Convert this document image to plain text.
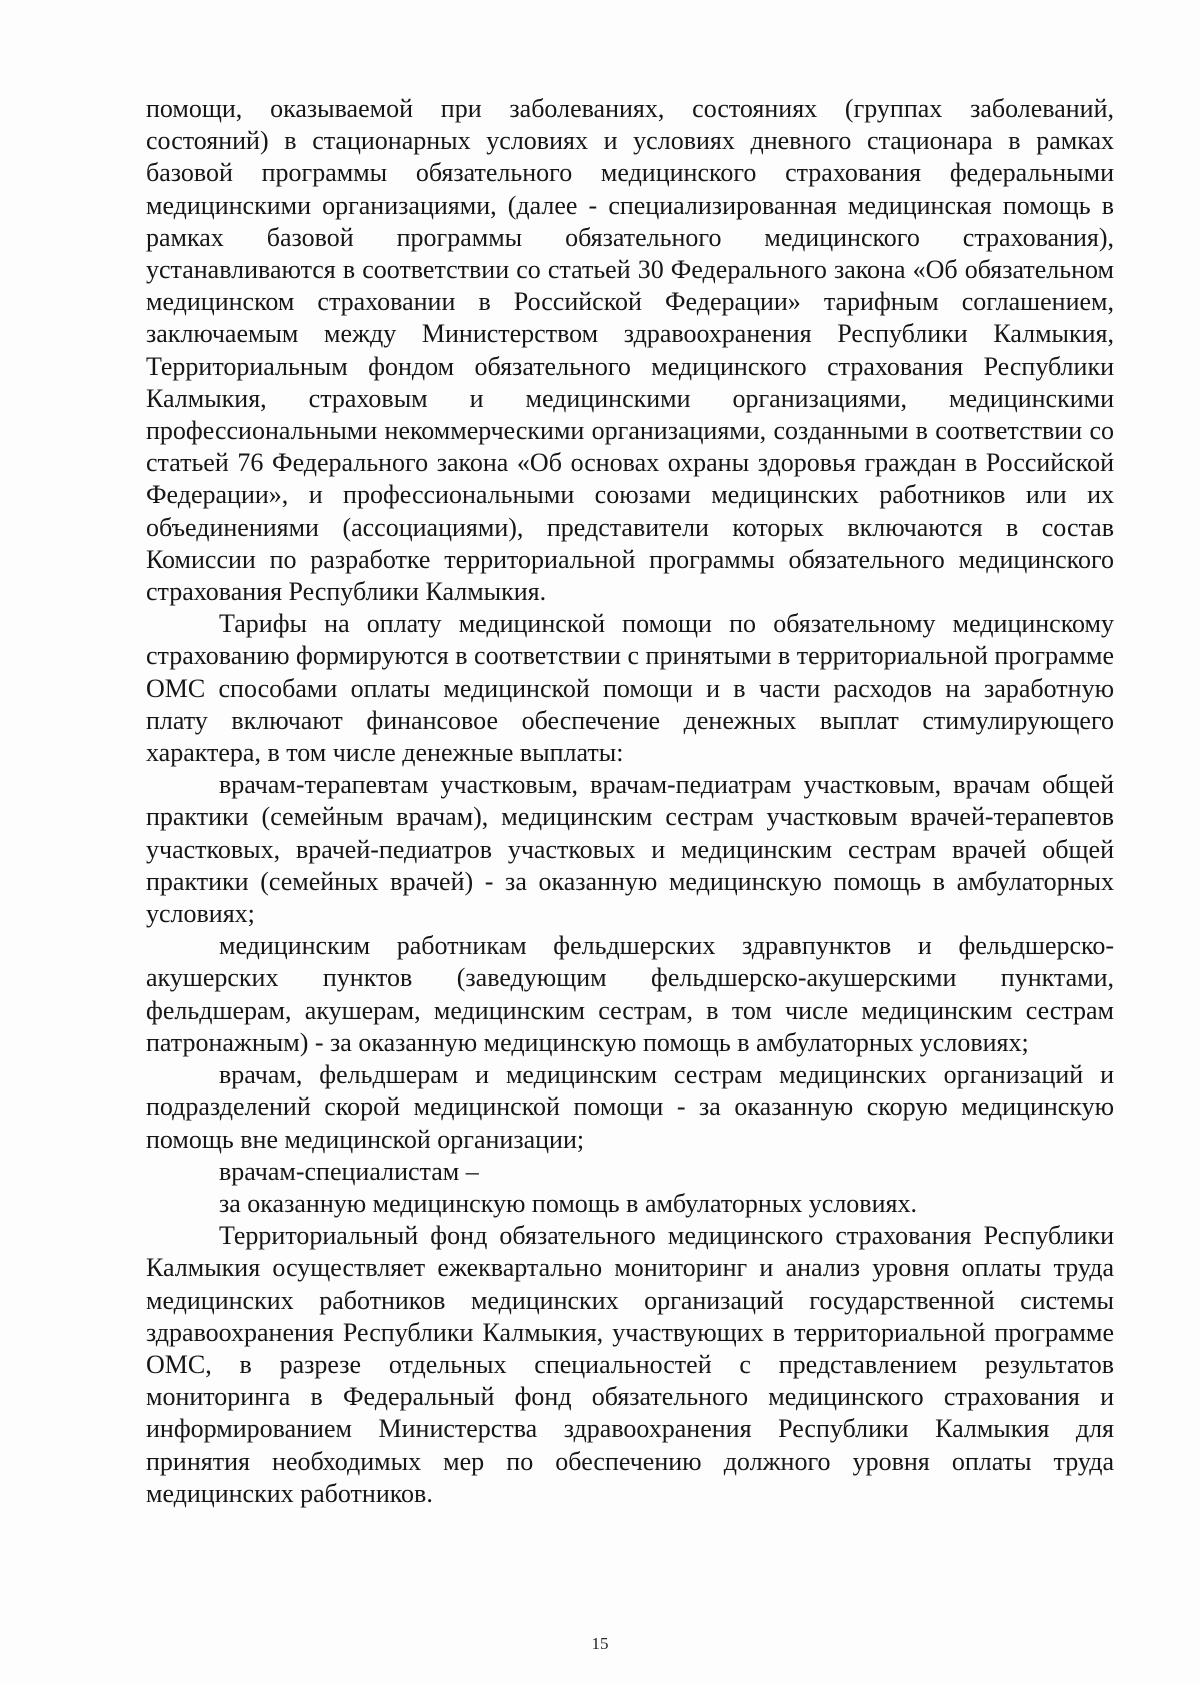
помощи, оказываемой при заболеваниях, состояниях (группах заболеваний, состояний) в стационарных условиях и условиях дневного стационара в рамках базовой программы обязательного медицинского страхования федеральными медицинскими организациями, (далее - специализированная медицинская помощь в рамках базовой программы обязательного медицинского страхования), устанавливаются в соответствии со статьей 30 Федерального закона «Об обязательном медицинском страховании в Российской Федерации» тарифным соглашением, заключаемым между Министерством здравоохранения Республики Калмыкия, Территориальным фондом обязательного медицинского страхования Республики Калмыкия, страховым и медицинскими организациями, медицинскими профессиональными некоммерческими организациями, созданными в соответствии со статьей 76 Федерального закона «Об основах охраны здоровья граждан в Российской Федерации», и профессиональными союзами медицинских работников или их объединениями (ассоциациями), представители которых включаются в состав Комиссии по разработке территориальной программы обязательного медицинского страхования Республики Калмыкия.

Тарифы на оплату медицинской помощи по обязательному медицинскому страхованию формируются в соответствии с принятыми в территориальной программе ОМС способами оплаты медицинской помощи и в части расходов на заработную плату включают финансовое обеспечение денежных выплат стимулирующего характера, в том числе денежные выплаты:

врачам-терапевтам участковым, врачам-педиатрам участковым, врачам общей практики (семейным врачам), медицинским сестрам участковым врачей-терапевтов участковых, врачей-педиатров участковых и медицинским сестрам врачей общей практики (семейных врачей) - за оказанную медицинскую помощь в амбулаторных условиях;

медицинским работникам фельдшерских здравпунктов и фельдшерско-акушерских пунктов (заведующим фельдшерско-акушерскими пунктами, фельдшерам, акушерам, медицинским сестрам, в том числе медицинским сестрам патронажным) - за оказанную медицинскую помощь в амбулаторных условиях;

врачам, фельдшерам и медицинским сестрам медицинских организаций и подразделений скорой медицинской помощи - за оказанную скорую медицинскую помощь вне медицинской организации;

врачам-специалистам –

за оказанную медицинскую помощь в амбулаторных условиях.

Территориальный фонд обязательного медицинского страхования Республики Калмыкия осуществляет ежеквартально мониторинг и анализ уровня оплаты труда медицинских работников медицинских организаций государственной системы здравоохранения Республики Калмыкия, участвующих в территориальной программе ОМС, в разрезе отдельных специальностей с представлением результатов мониторинга в Федеральный фонд обязательного медицинского страхования и информированием Министерства здравоохранения Республики Калмыкия для принятия необходимых мер по обеспечению должного уровня оплаты труда медицинских работников.

15
